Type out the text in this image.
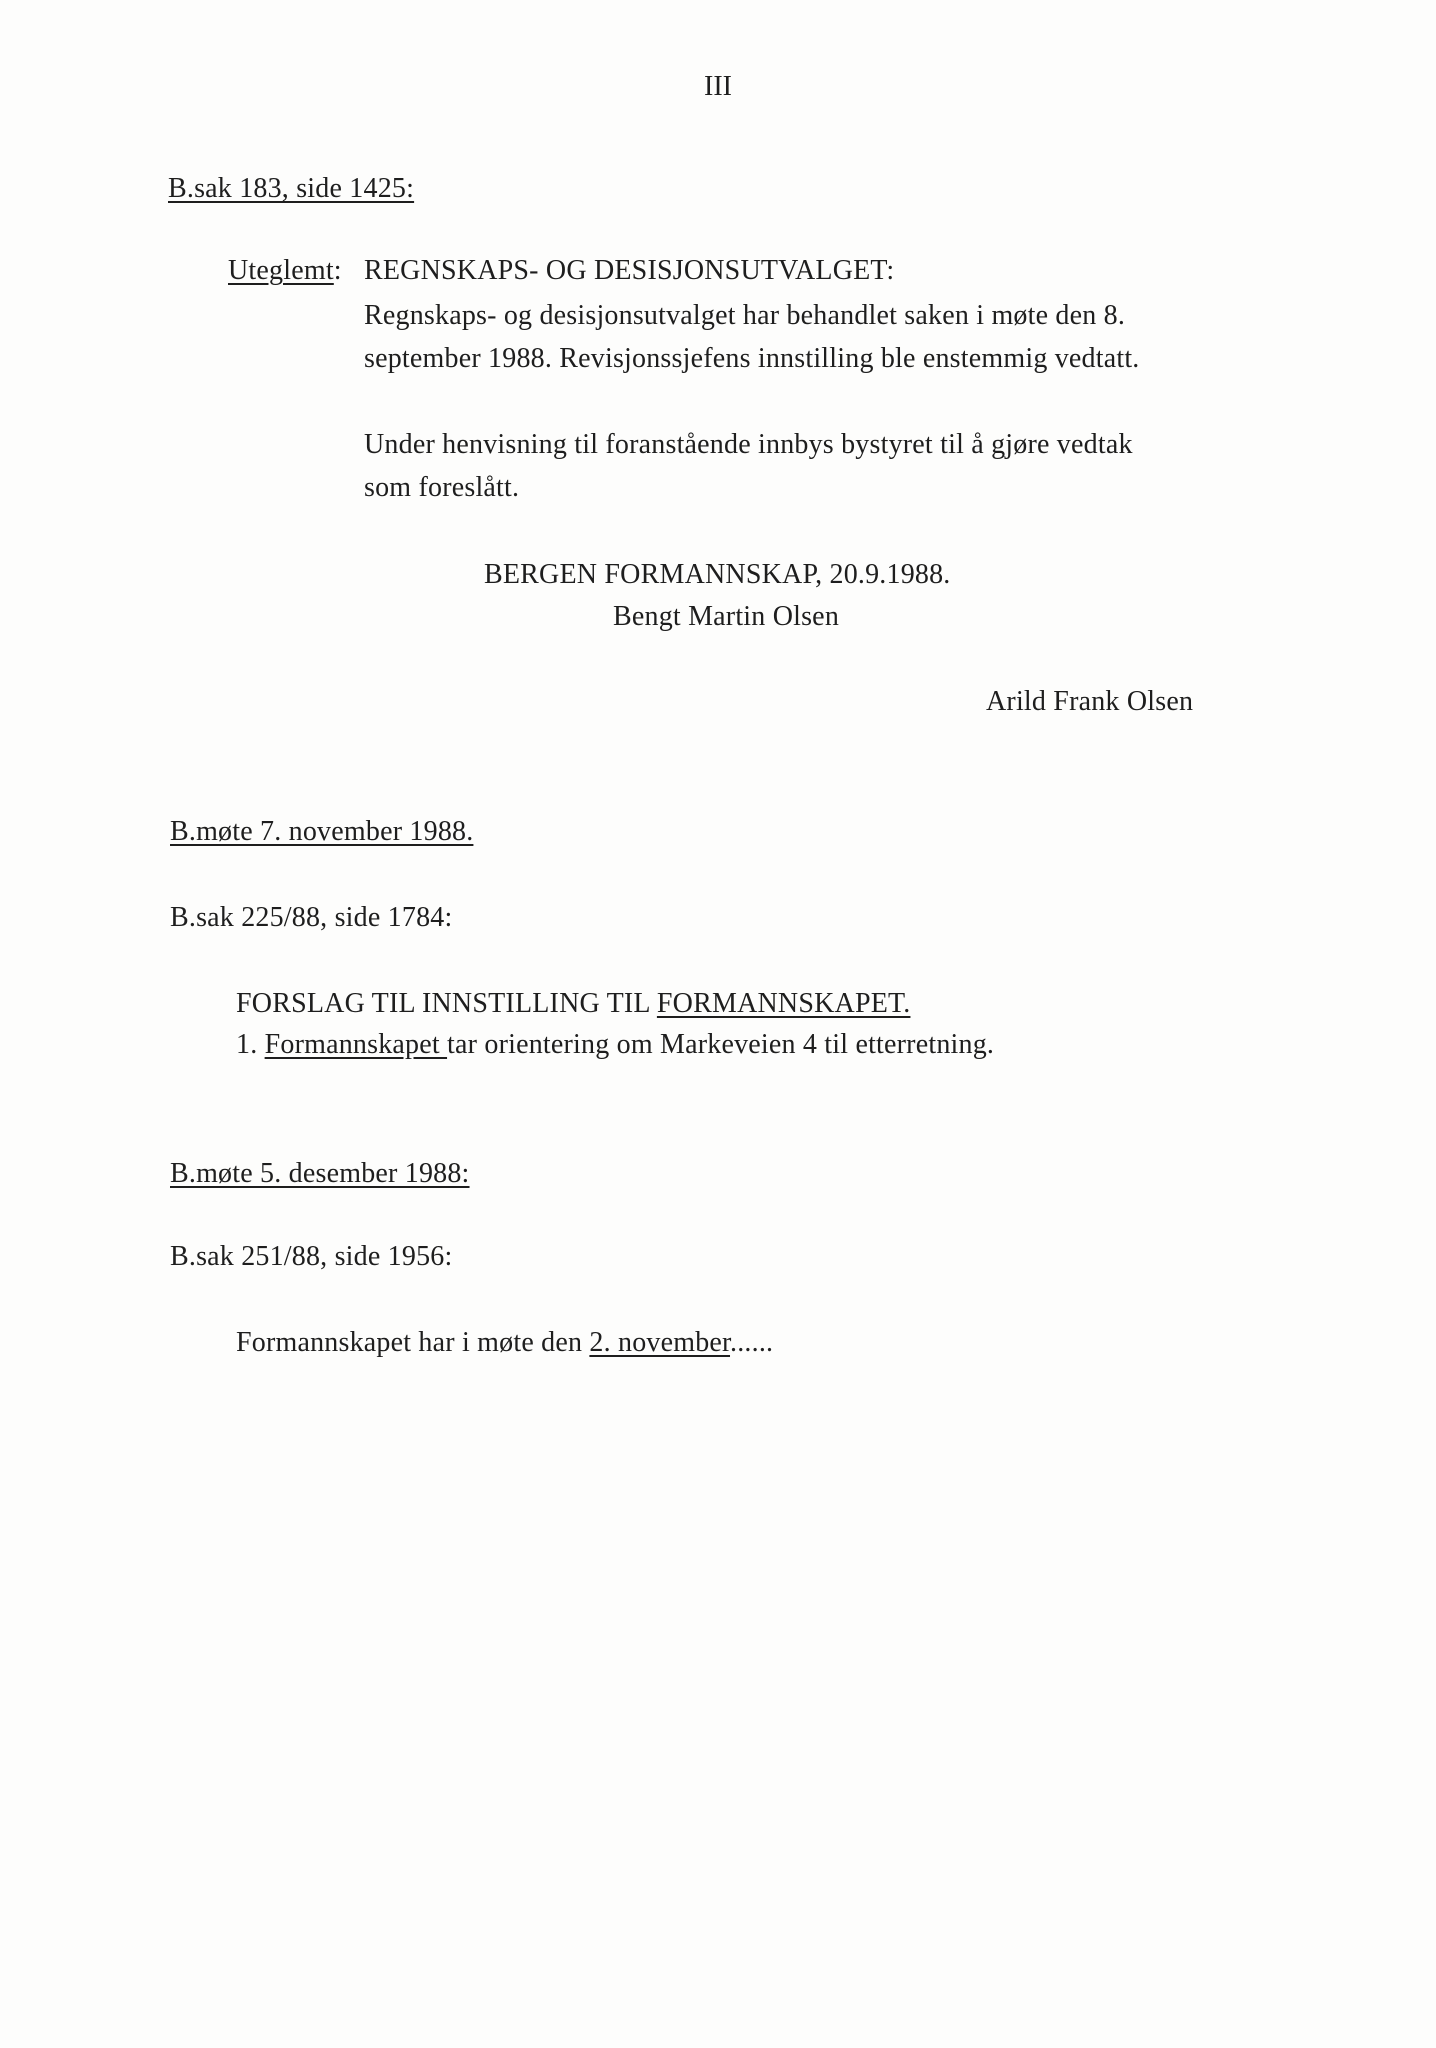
III
B.sak 183, side 1425:
Uteglemt: REGNSKAPS- OG DESISJONSUTVALGET:
Regnskaps- og desisjonsutvalget har behandlet saken i møte den 8.
september 1988. Revisjonssjefens innstilling ble enstemmig vedtatt.
Under henvisning til foranstående innbys bystyret til å gjøre vedtak
som foreslått.
BERGEN FORMANNSKAP, 20.9.1988.
Bengt Martin Olsen
Arild Frank Olsen
B.møte 7. november 1988.
B.sak 225/88, side 1784:
FORSLAG TIL INNSTILLING TIL FORMANNSKAPET.
1. Formannskapet tar orientering om Markeveien 4 til etterretning.
B.møte 5. desember 1988:
B.sak 251/88, side 1956:
Formannskapet har i møte den 2. november......
